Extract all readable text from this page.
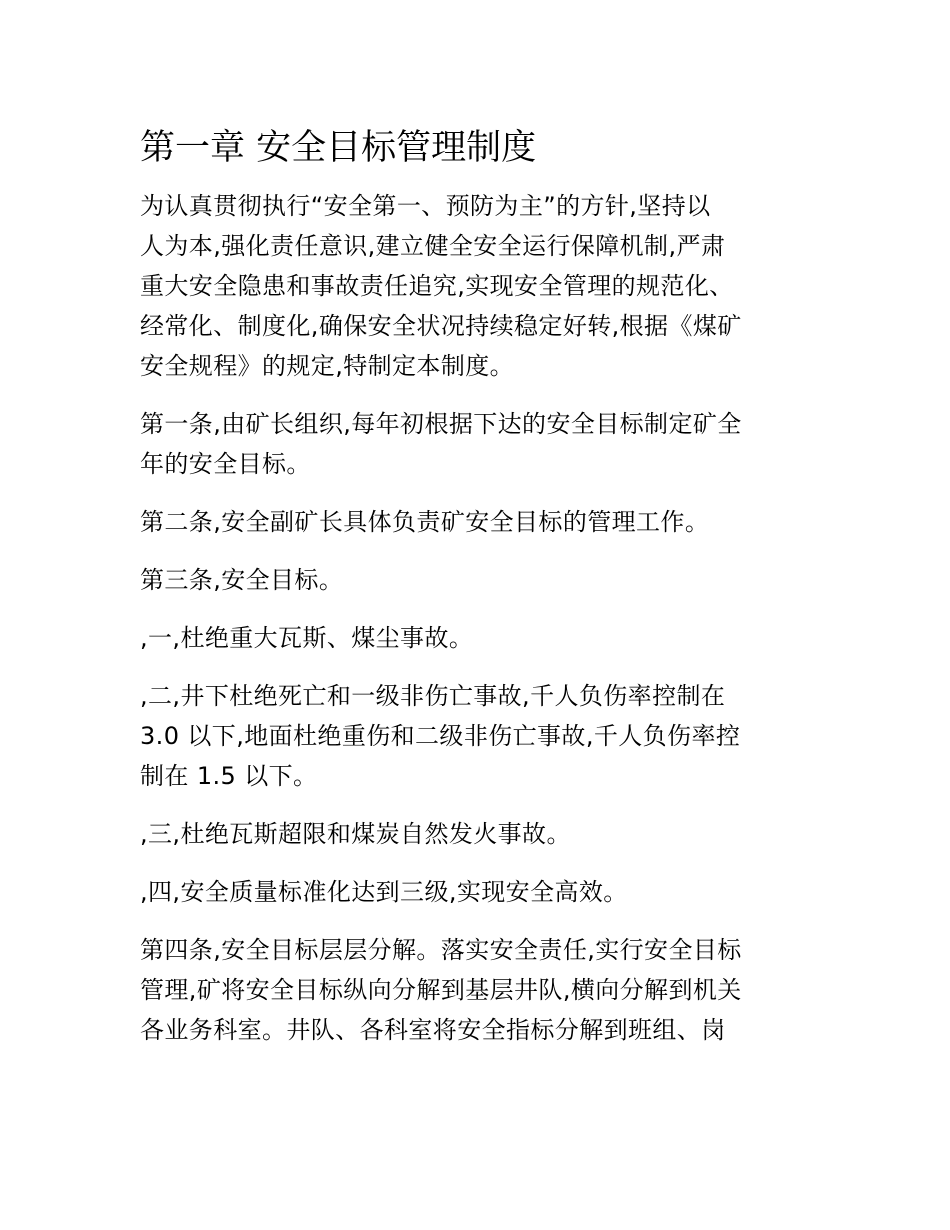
第一章 安全目标管理制度

为认真贯彻执行“安全第一、预防为主”的方针,坚持以
人为本,强化责任意识,建立健全安全运行保障机制,严肃
重大安全隐患和事故责任追究,实现安全管理的规范化、
经常化、制度化,确保安全状况持续稳定好转,根据《煤矿
安全规程》的规定,特制定本制度。

第一条,由矿长组织,每年初根据下达的安全目标制定矿全
年的安全目标。

第二条,安全副矿长具体负责矿安全目标的管理工作。

第三条,安全目标。

,一,杜绝重大瓦斯、煤尘事故。

,二,井下杜绝死亡和一级非伤亡事故,千人负伤率控制在
3.0 以下,地面杜绝重伤和二级非伤亡事故,千人负伤率控
制在 1.5 以下。

,三,杜绝瓦斯超限和煤炭自然发火事故。

,四,安全质量标准化达到三级,实现安全高效。

第四条,安全目标层层分解。落实安全责任,实行安全目标
管理,矿将安全目标纵向分解到基层井队,横向分解到机关
各业务科室。井队、各科室将安全指标分解到班组、岗
